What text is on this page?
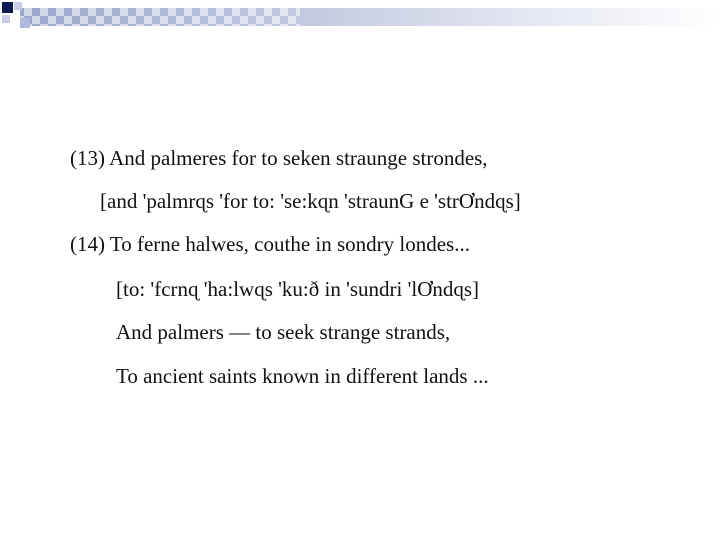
(13) And palmeres for to seken straunge strondes,
[and 'palmrɋs 'for to: 'se:kɋn 'straunG e 'strƠndɋs]
(14) To ferne halwes, couthe in sondry londes...
[to: 'fcrnɋ 'ha:lwɋs 'ku:ð in 'sundri 'lƠndɋs]
And palmers — to seek strange strands,
To ancient saints known in different lands ...
